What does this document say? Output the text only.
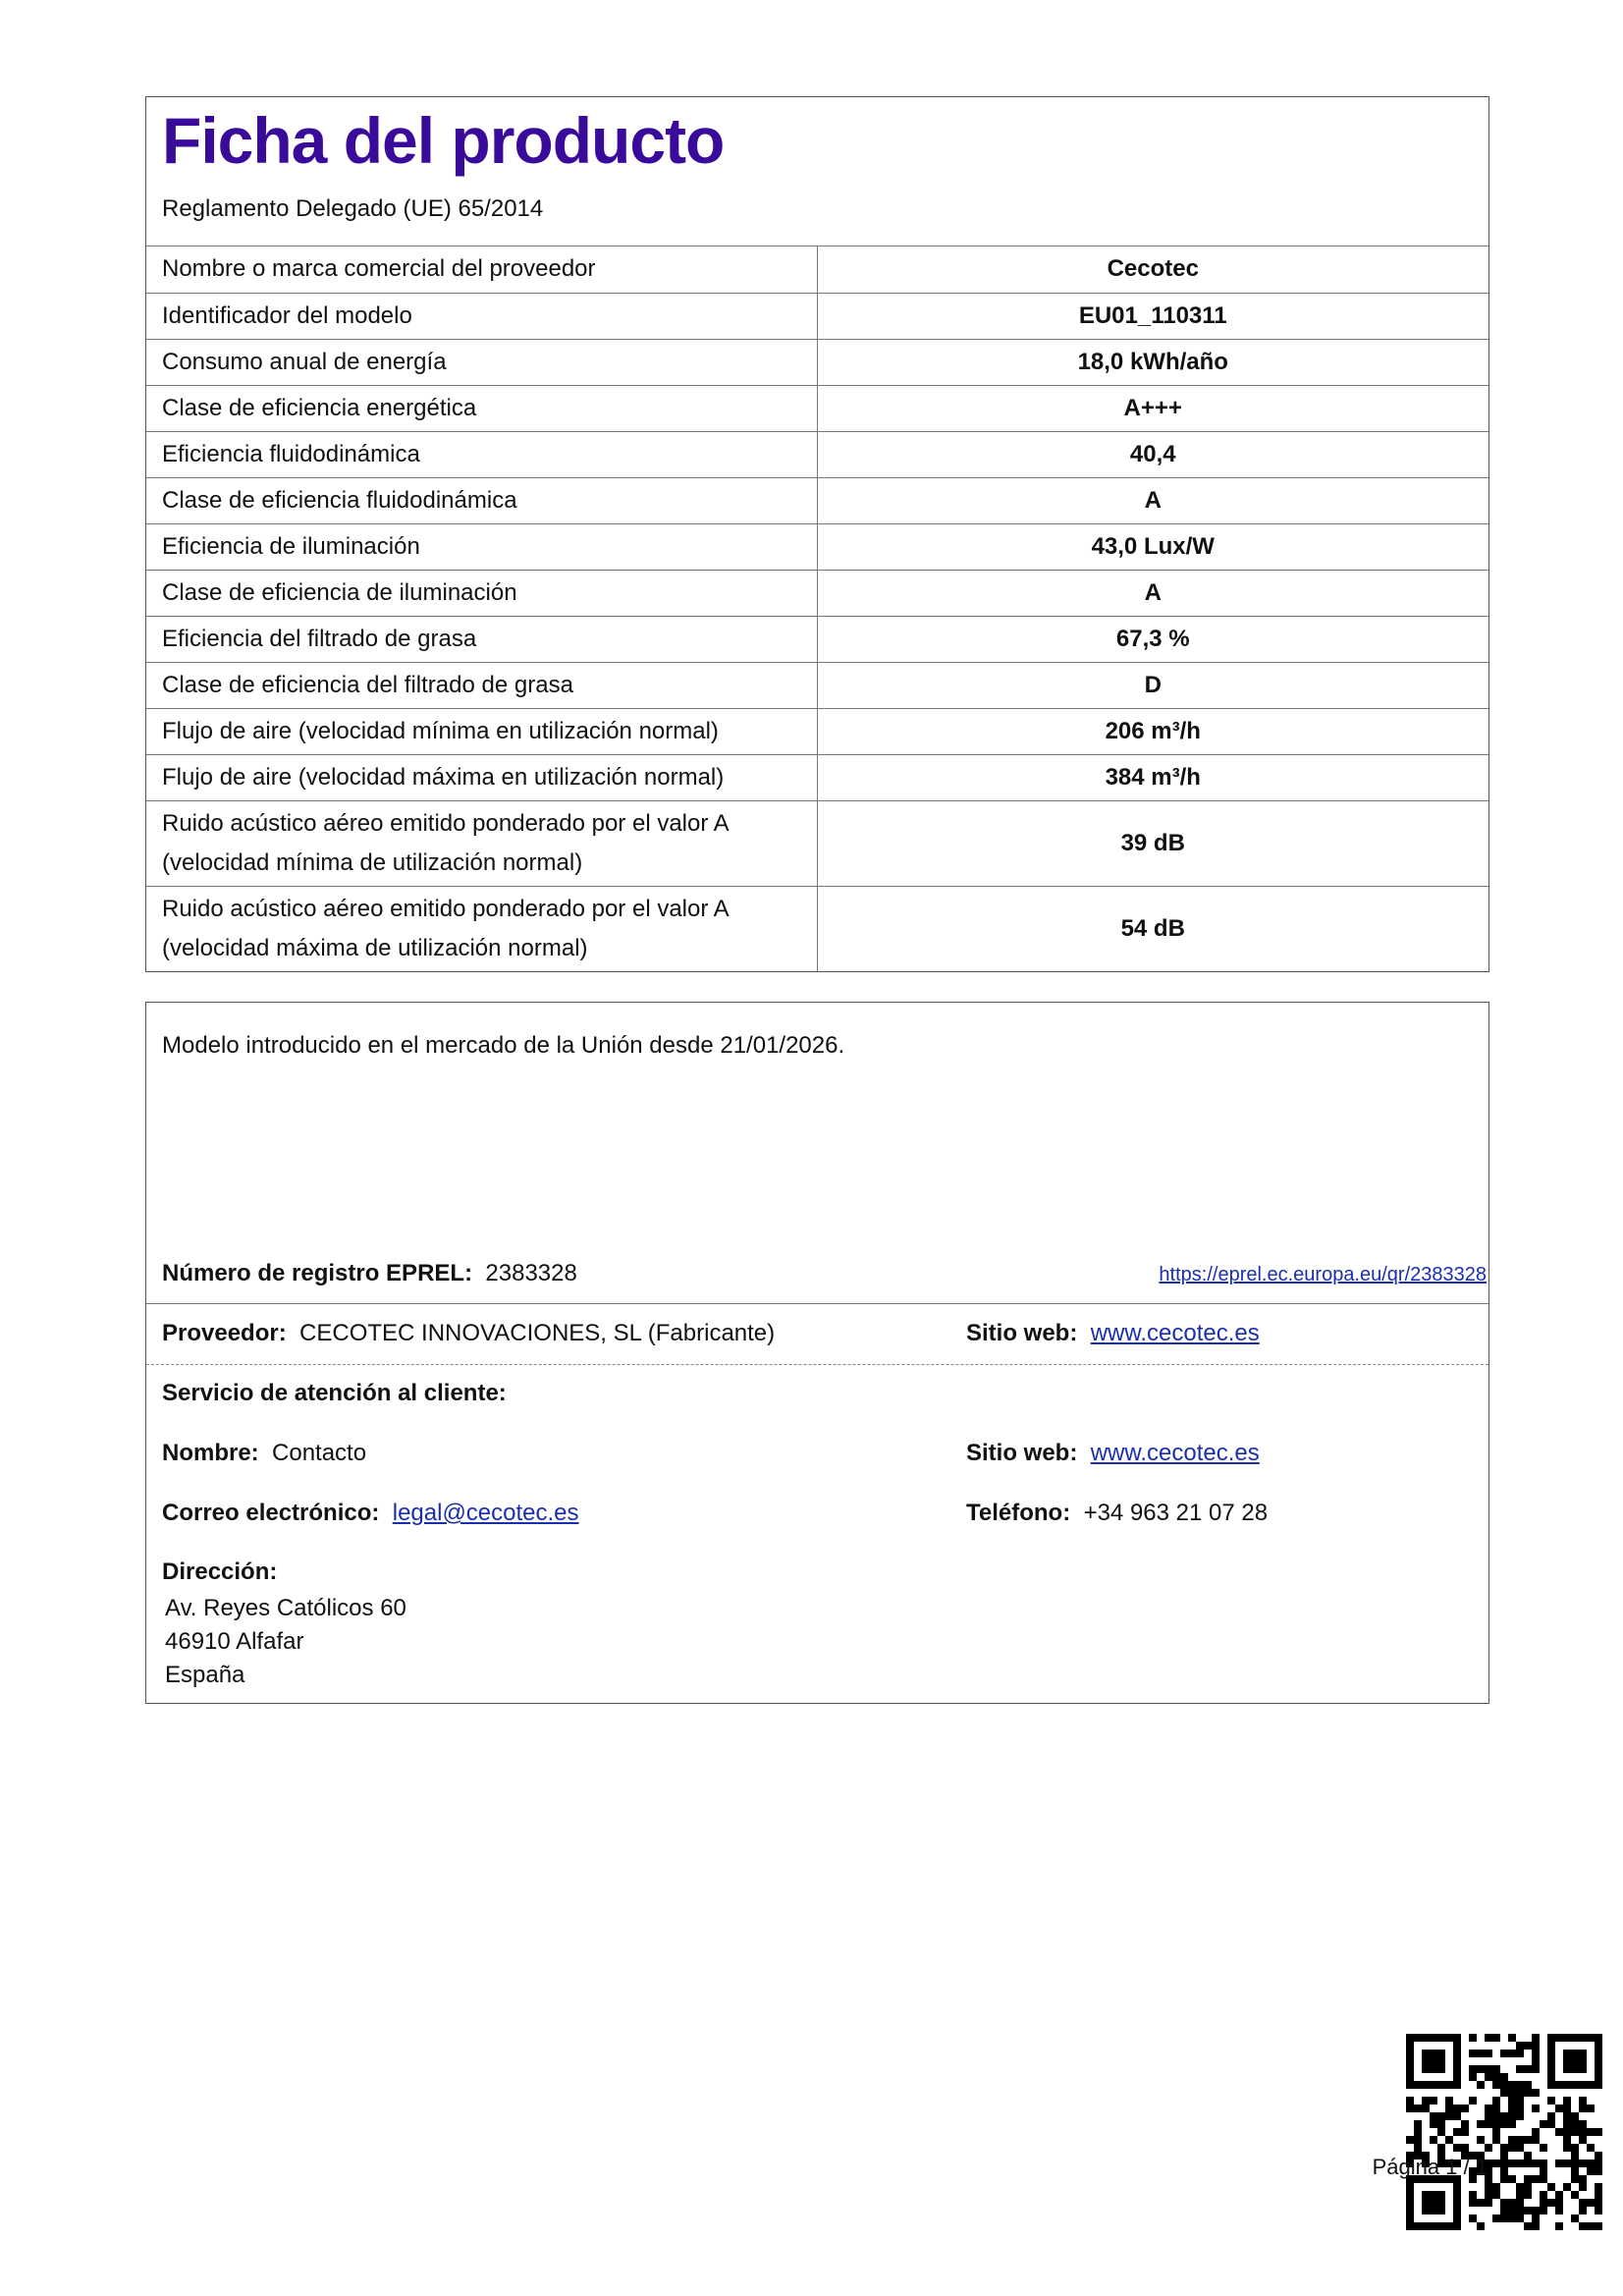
Ficha del producto
Reglamento Delegado (UE) 65/2014
Nombre o marca comercial del proveedor	Cecotec
Identificador del modelo	EU01_110311
Consumo anual de energía	18,0 kWh/año
Clase de eficiencia energética	A+++
Eficiencia fluidodinámica	40,4
Clase de eficiencia fluidodinámica	A
Eficiencia de iluminación	43,0 Lux/W
Clase de eficiencia de iluminación	A
Eficiencia del filtrado de grasa	67,3 %
Clase de eficiencia del filtrado de grasa	D
Flujo de aire (velocidad mínima en utilización normal)	206 m³/h
Flujo de aire (velocidad máxima en utilización normal)	384 m³/h
Ruido acústico aéreo emitido ponderado por el valor A (velocidad mínima de utilización normal)	39 dB
Ruido acústico aéreo emitido ponderado por el valor A (velocidad máxima de utilización normal)	54 dB
Modelo introducido en el mercado de la Unión desde 21/01/2026.
Número de registro EPREL: 2383328	https://eprel.ec.europa.eu/qr/2383328
Proveedor: CECOTEC INNOVACIONES, SL (Fabricante)	Sitio web: www.cecotec.es
Servicio de atención al cliente:
Nombre: Contacto	Sitio web: www.cecotec.es
Correo electrónico: legal@cecotec.es	Teléfono: +34 963 21 07 28
Dirección:
Av. Reyes Católicos 60
46910 Alfafar
España
Página 1 / 1
